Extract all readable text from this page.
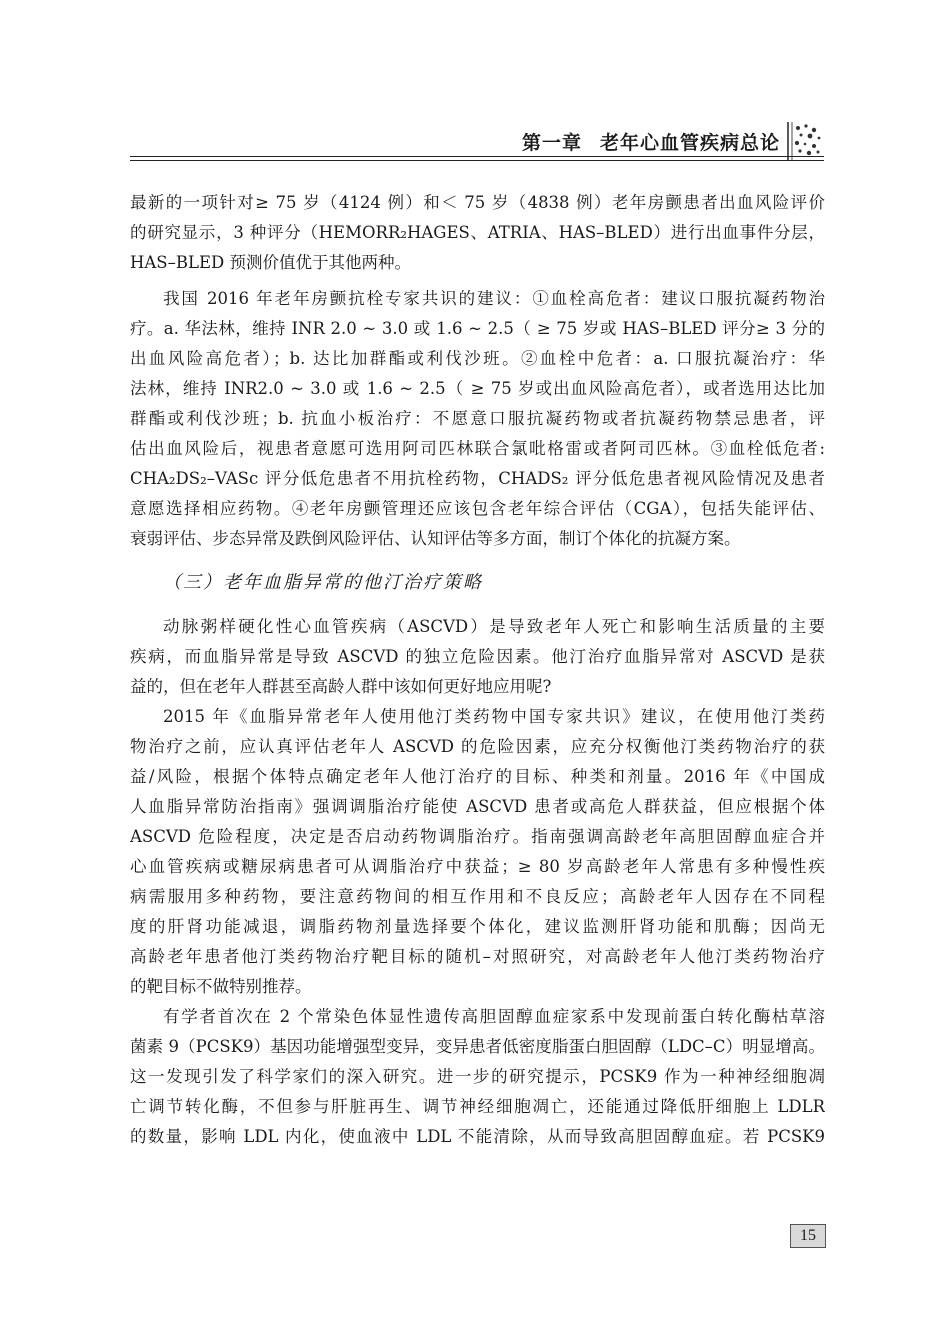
第一章 老年心血管疾病总论
最新的一项针对≥ 75 岁（4124 例）和＜ 75 岁（4838 例）老年房颤患者出血风险评价
的研究显示，3 种评分（HEMORR₂HAGES、ATRIA、HAS–BLED）进行出血事件分层，
HAS–BLED 预测价值优于其他两种。
我国 2016 年老年房颤抗栓专家共识的建议：①血栓高危者：建议口服抗凝药物治
疗。a. 华法林，维持 INR 2.0 ~ 3.0 或 1.6 ~ 2.5（ ≥ 75 岁或 HAS–BLED 评分≥ 3 分的
出血风险高危者）；b. 达比加群酯或利伐沙班。②血栓中危者：a. 口服抗凝治疗：华
法林，维持 INR2.0 ~ 3.0 或 1.6 ~ 2.5（ ≥ 75 岁或出血风险高危者），或者选用达比加
群酯或利伐沙班；b. 抗血小板治疗：不愿意口服抗凝药物或者抗凝药物禁忌患者，评
估出血风险后，视患者意愿可选用阿司匹林联合氯吡格雷或者阿司匹林。③血栓低危者:
CHA₂DS₂–VASc 评分低危患者不用抗栓药物，CHADS₂ 评分低危患者视风险情况及患者
意愿选择相应药物。④老年房颤管理还应该包含老年综合评估（CGA），包括失能评估、
衰弱评估、步态异常及跌倒风险评估、认知评估等多方面，制订个体化的抗凝方案。
（三）老年血脂异常的他汀治疗策略
动脉粥样硬化性心血管疾病（ASCVD）是导致老年人死亡和影响生活质量的主要
疾病，而血脂异常是导致 ASCVD 的独立危险因素。他汀治疗血脂异常对 ASCVD 是获
益的，但在老年人群甚至高龄人群中该如何更好地应用呢?
2015 年《血脂异常老年人使用他汀类药物中国专家共识》建议，在使用他汀类药
物治疗之前，应认真评估老年人 ASCVD 的危险因素，应充分权衡他汀类药物治疗的获
益/风险，根据个体特点确定老年人他汀治疗的目标、种类和剂量。2016 年《中国成
人血脂异常防治指南》强调调脂治疗能使 ASCVD 患者或高危人群获益，但应根据个体
ASCVD 危险程度，决定是否启动药物调脂治疗。指南强调高龄老年高胆固醇血症合并
心血管疾病或糖尿病患者可从调脂治疗中获益；≥ 80 岁高龄老年人常患有多种慢性疾
病需服用多种药物，要注意药物间的相互作用和不良反应；高龄老年人因存在不同程
度的肝肾功能减退，调脂药物剂量选择要个体化，建议监测肝肾功能和肌酶；因尚无
高龄老年患者他汀类药物治疗靶目标的随机–对照研究，对高龄老年人他汀类药物治疗
的靶目标不做特别推荐。
有学者首次在 2 个常染色体显性遗传高胆固醇血症家系中发现前蛋白转化酶枯草溶
菌素 9（PCSK9）基因功能增强型变异，变异患者低密度脂蛋白胆固醇（LDC–C）明显增高。
这一发现引发了科学家们的深入研究。进一步的研究提示，PCSK9 作为一种神经细胞凋
亡调节转化酶，不但参与肝脏再生、调节神经细胞凋亡，还能通过降低肝细胞上 LDLR
的数量，影响 LDL 内化，使血液中 LDL 不能清除，从而导致高胆固醇血症。若 PCSK9
15
